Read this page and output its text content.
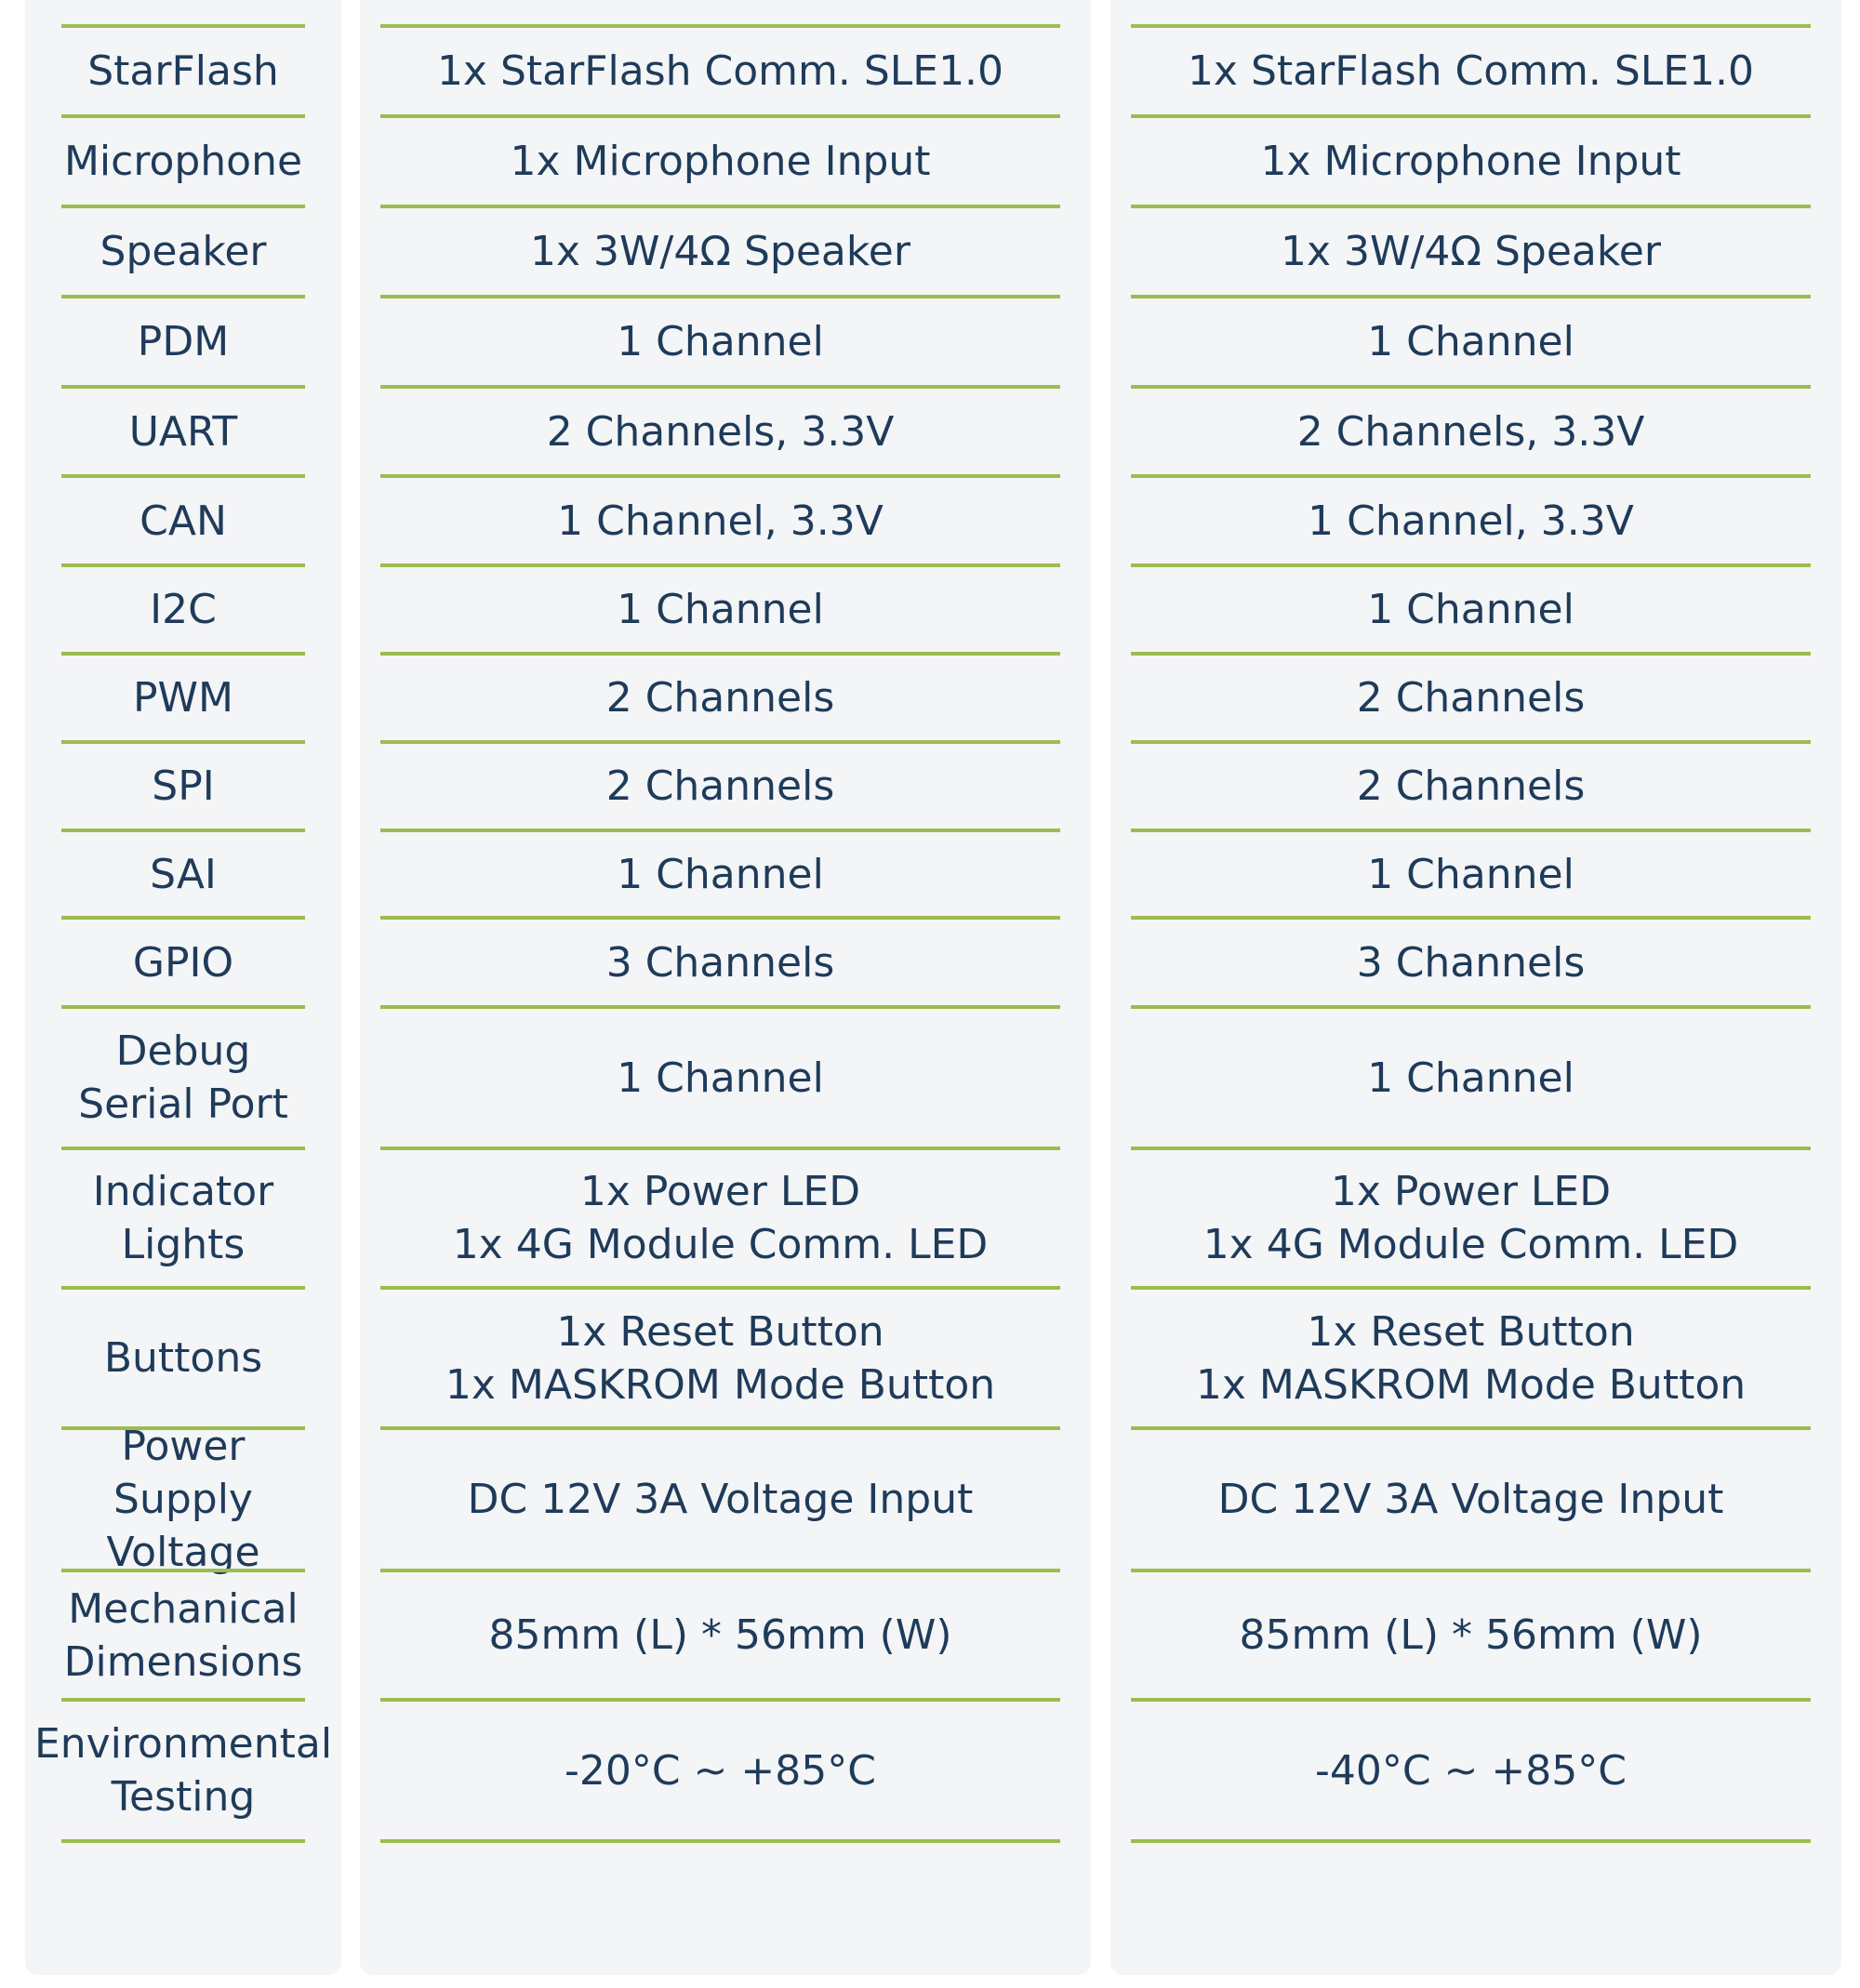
StarFlash
Microphone
Speaker
PDM
UART
CAN
I2C
PWM
SPI
SAI
GPIO
Debug
Serial Port
Indicator
Lights
Buttons
Power
Supply Voltage
Mechanical
Dimensions
Environmental
Testing
1x StarFlash Comm. SLE1.0
1x Microphone Input
1x 3W/4Ω Speaker
1 Channel
2 Channels, 3.3V
1 Channel, 3.3V
1 Channel
2 Channels
2 Channels
1 Channel
3 Channels
1 Channel
1x Power LED
1x 4G Module Comm. LED
1x Reset Button
1x MASKROM Mode Button
DC 12V 3A Voltage Input
85mm (L) * 56mm (W)
-20°C ~ +85°C
1x StarFlash Comm. SLE1.0
1x Microphone Input
1x 3W/4Ω Speaker
1 Channel
2 Channels, 3.3V
1 Channel, 3.3V
1 Channel
2 Channels
2 Channels
1 Channel
3 Channels
1 Channel
1x Power LED
1x 4G Module Comm. LED
1x Reset Button
1x MASKROM Mode Button
DC 12V 3A Voltage Input
85mm (L) * 56mm (W)
-40°C ~ +85°C
